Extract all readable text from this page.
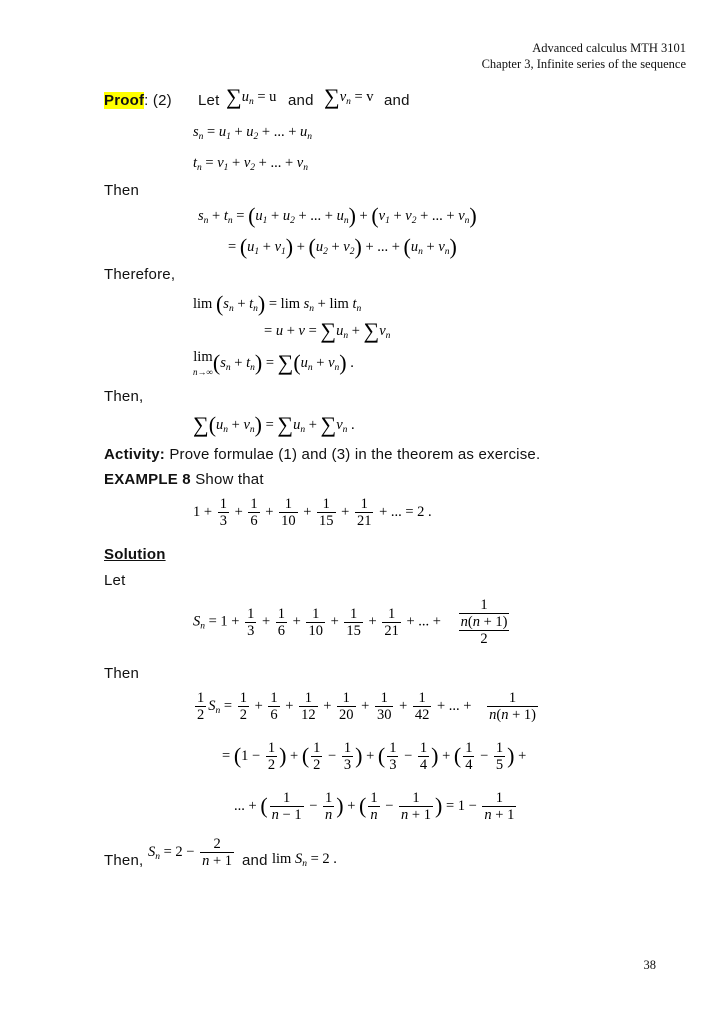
Advanced calculus MTH 3101
Chapter 3, Infinite series of the sequence
Proof: (2) Let $\sum u_n = u$ and $\sum v_n = v$ and
$s_n = u_1 + u_2$ + ... + $u_n$
$t_n = v_1 + v_2$ + ... + $v_n$
Then
$s_n + t_n = (u_1 + u_2$ + ... + $u_n) + (v_1 + v_2$ + ... + $v_n$)
= $(u_1 + v_1) + (u_2 + v_2)$ + ... + $(u_n + v_n)$
Therefore,
$\lim (s_n + t_n) = \lim s_n + \lim t_n$
= $u + v = \sum u_n + \sum v_n$
lim
$n\to\infty(s_n + t_n) = \sum(u_n + v_n)$ .
Then,
$\sum(u_n + v_n) = \sum u_n + \sum v_n$ .
Activity: Prove formulae (1) and (3) in the theorem as exercise.
EXAMPLE 8 Show that
$1 + \frac{1}{3} + \frac{1}{6} + \frac{1}{10} + \frac{1}{15} + \frac{1}{21}$ + ... = 2 .
Solution
Let
$S_n = 1 + \frac{1}{3} + \frac{1}{6} + \frac{1}{10} + \frac{1}{15} + \frac{1}{21}$ + ... +
1
n(n + 1)
2
Then
$\frac{1}{2} S_n = \frac{1}{2} + \frac{1}{6} + \frac{1}{12} + \frac{1}{20} + \frac{1}{30} + \frac{1}{42}$ + ... + $\frac{1}{n(n + 1)}$
= ($1 - \frac{1}{2}$ ) + ( $\frac{1}{2} - \frac{1}{3}$ ) + ( $\frac{1}{3} - \frac{1}{4}$ ) + ( $\frac{1}{4} - \frac{1}{5}$ ) +
... + ( $\frac{1}{n - 1} - \frac{1}{n}$ ) + ( $\frac{1}{n} - \frac{1}{n + 1}$ ) = $1 - \frac{1}{n + 1}$
Then,
$S_n = 2 - \frac{2}{n + 1}$ and $\lim S_n = 2$ .
38
